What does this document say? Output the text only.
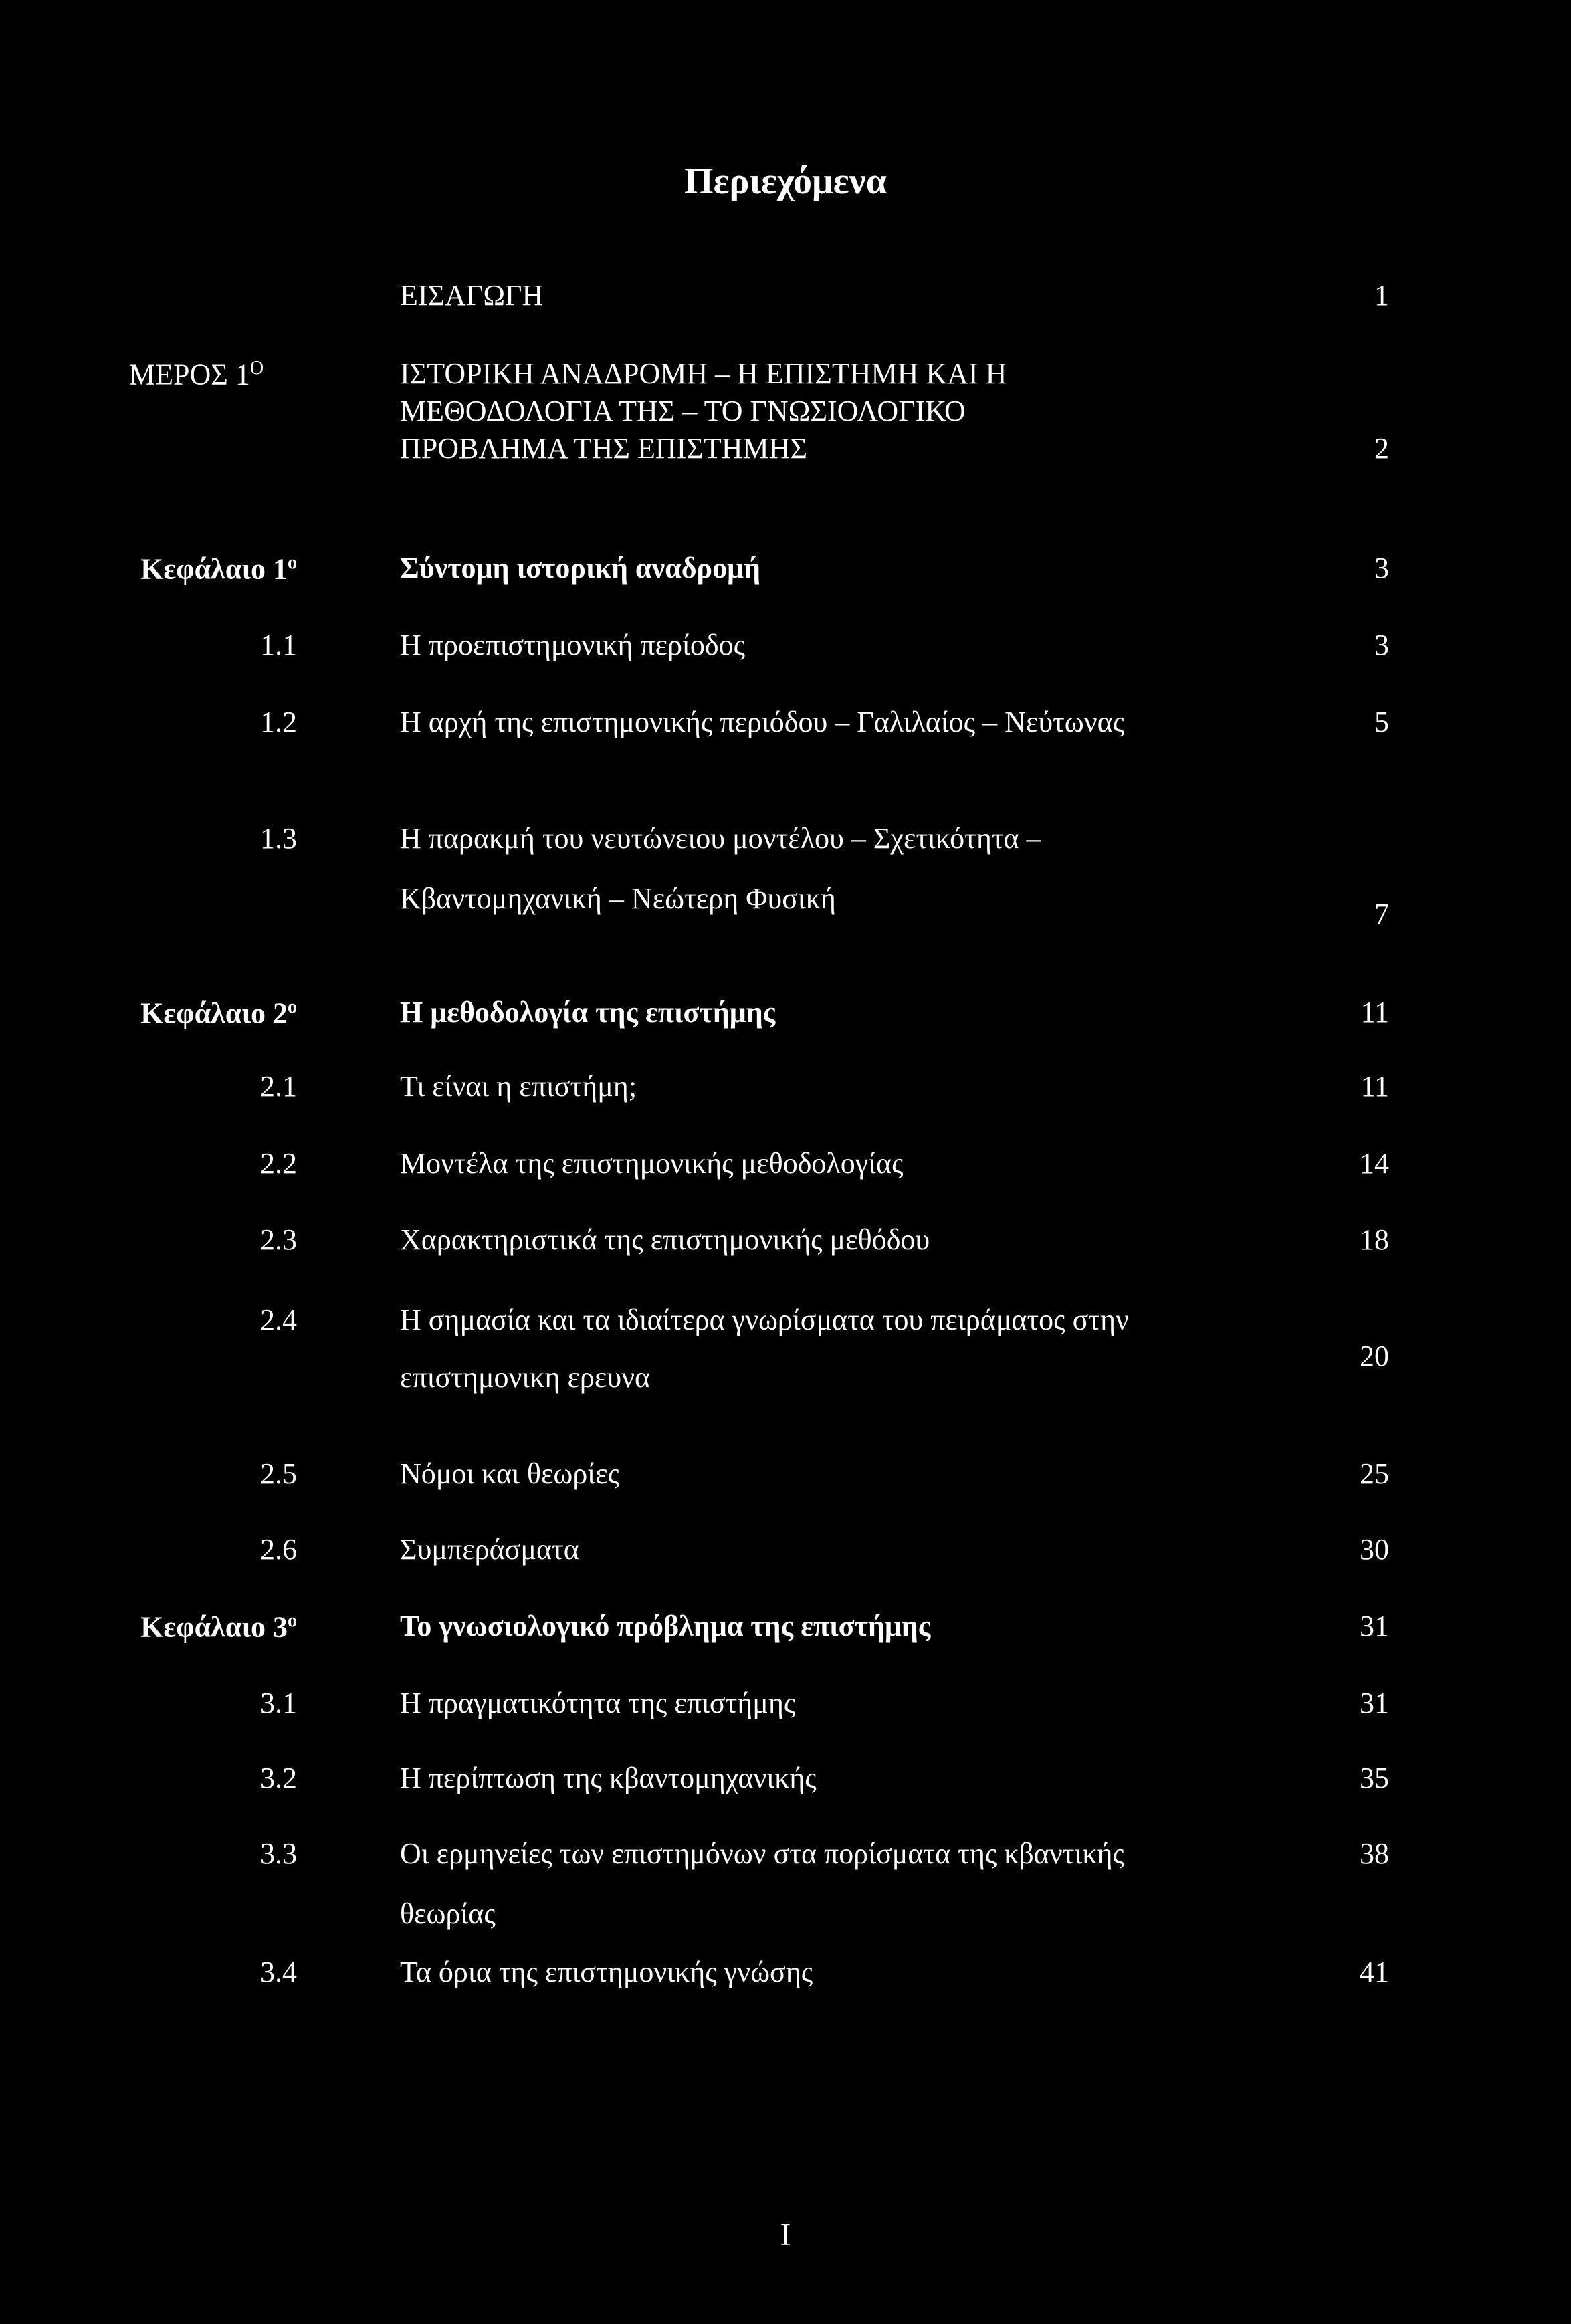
Περιεχόμενα
ΕΙΣΑΓΩΓΗ	1
ΜΕΡΟΣ $1^O$	ΙΣΤΟΡΙΚΗ ΑΝΑΔΡΟΜΗ – Η ΕΠΙΣΤΗΜΗ ΚΑΙ Η
ΜΕΘΟΔΟΛΟΓΙΑ ΤΗΣ – ΤΟ ΓΝΩΣΙΟΛΟΓΙΚΟ
ΠΡΟΒΛΗΜΑ ΤΗΣ ΕΠΙΣΤΗΜΗΣ	2
Κεφάλαιο $1^o$	Σύντομη ιστορική αναδρομή	3
1.1	Η προεπιστημονική περίοδος	3
1.2	Η αρχή της επιστημονικής περιόδου – Γαλιλαίος – Νεύτωνας	5
1.3	Η παρακμή του νευτώνειου μοντέλου – Σχετικότητα –
Κβαντομηχανική – Νεώτερη Φυσική	7
Κεφάλαιο $2^o$	Η μεθοδολογία της επιστήμης	11
2.1	Τι είναι η επιστήμη;	11
2.2	Μοντέλα της επιστημονικής μεθοδολογίας	14
2.3	Χαρακτηριστικά της επιστημονικής μεθόδου	18
2.4	Η σημασία και τα ιδιαίτερα γνωρίσματα του πειράματος στην
επιστημονικη ερευνα
20
2.5	Νόμοι και θεωρίες	25
2.6	Συμπεράσματα	30
Κεφάλαιο $3^o$	Το γνωσιολογικό πρόβλημα της επιστήμης	31
3.1	Η πραγματικότητα της επιστήμης	31
3.2	Η περίπτωση της κβαντομηχανικής	35
3.3	Οι ερμηνείες των επιστημόνων στα πορίσματα της κβαντικής
θεωρίας
38
3.4	Τα όρια της επιστημονικής γνώσης	41
I
